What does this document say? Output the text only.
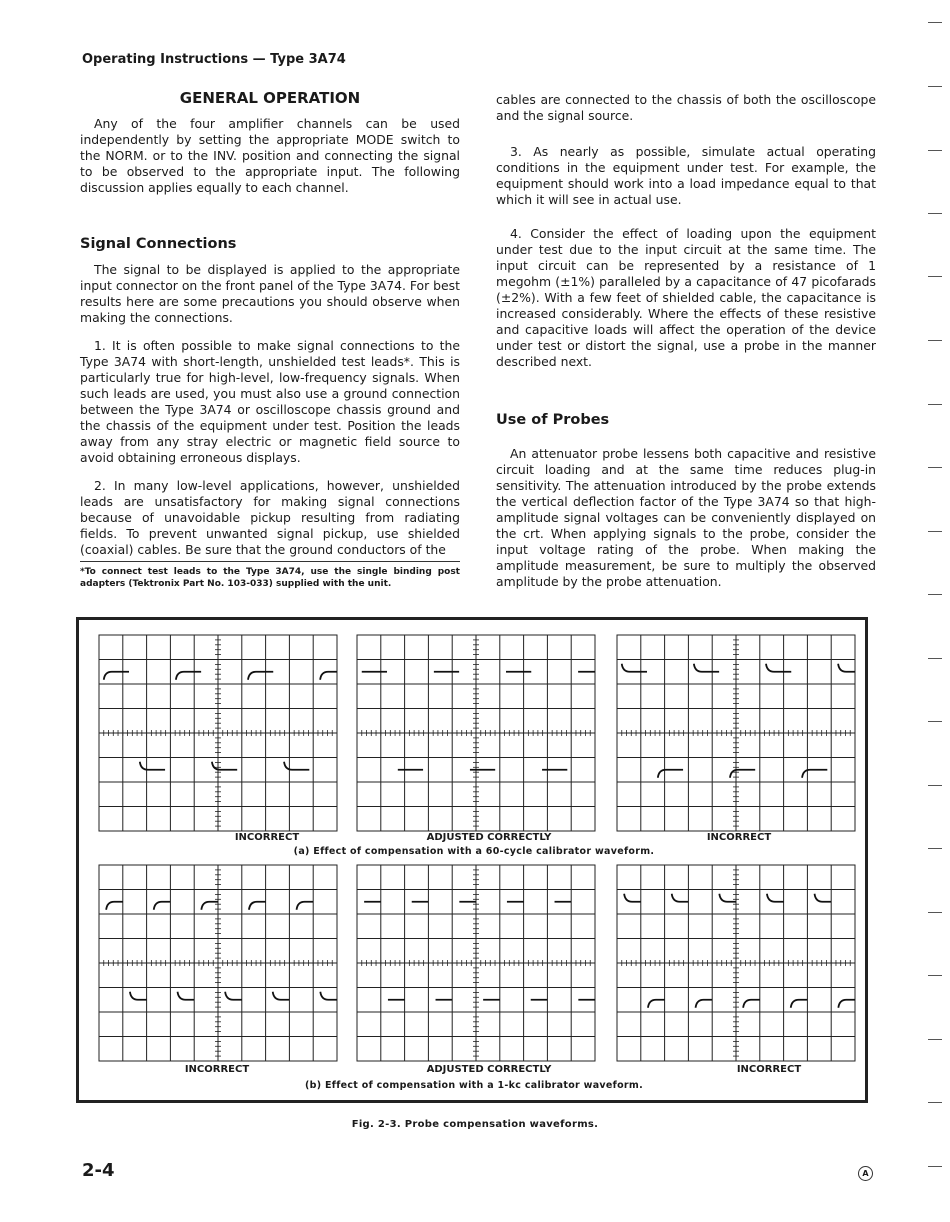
Operating Instructions — Type 3A74
GENERAL OPERATION

Any of the four amplifier channels can be used independently by setting the appropriate MODE switch to the NORM. or to the INV. position and connecting the signal to be observed to the appropriate input. The following discussion applies equally to each channel.

Signal Connections

The signal to be displayed is applied to the appropriate input connector on the front panel of the Type 3A74. For best results here are some precautions you should observe when making the connections.

1. It is often possible to make signal connections to the Type 3A74 with short-length, unshielded test leads*. This is particularly true for high-level, low-frequency signals. When such leads are used, you must also use a ground connection between the Type 3A74 or oscilloscope chassis ground and the chassis of the equipment under test. Position the leads away from any stray electric or magnetic field source to avoid obtaining erroneous displays.

2. In many low-level applications, however, unshielded leads are unsatisfactory for making signal connections because of unavoidable pickup resulting from radiating fields. To prevent unwanted signal pickup, use shielded (coaxial) cables. Be sure that the ground conductors of the

*To connect test leads to the Type 3A74, use the single binding post adapters (Tektronix Part No. 103-033) supplied with the unit.

cables are connected to the chassis of both the oscilloscope and the signal source.

3. As nearly as possible, simulate actual operating conditions in the equipment under test. For example, the equipment should work into a load impedance equal to that which it will see in actual use.

4. Consider the effect of loading upon the equipment under test due to the input circuit at the same time. The input circuit can be represented by a resistance of 1 megohm (±1%) paralleled by a capacitance of 47 picofarads (±2%). With a few feet of shielded cable, the capacitance is increased considerably. Where the effects of these resistive and capacitive loads will affect the operation of the device under test or distort the signal, use a probe in the manner described next.

Use of Probes

An attenuator probe lessens both capacitive and resistive circuit loading and at the same time reduces plug-in sensitivity. The attenuation introduced by the probe extends the vertical deflection factor of the Type 3A74 so that high-amplitude signal voltages can be conveniently displayed on the crt. When applying signals to the probe, consider the input voltage rating of the probe. When making the amplitude measurement, be sure to multiply the observed amplitude by the probe attenuation.

INCORRECT	ADJUSTED CORRECTLY	INCORRECT
(a) Effect of compensation with a 60-cycle calibrator waveform.
INCORRECT	ADJUSTED CORRECTLY	INCORRECT
(b) Effect of compensation with a 1-kc calibrator waveform.
Fig. 2-3. Probe compensation waveforms.
2-4	A
